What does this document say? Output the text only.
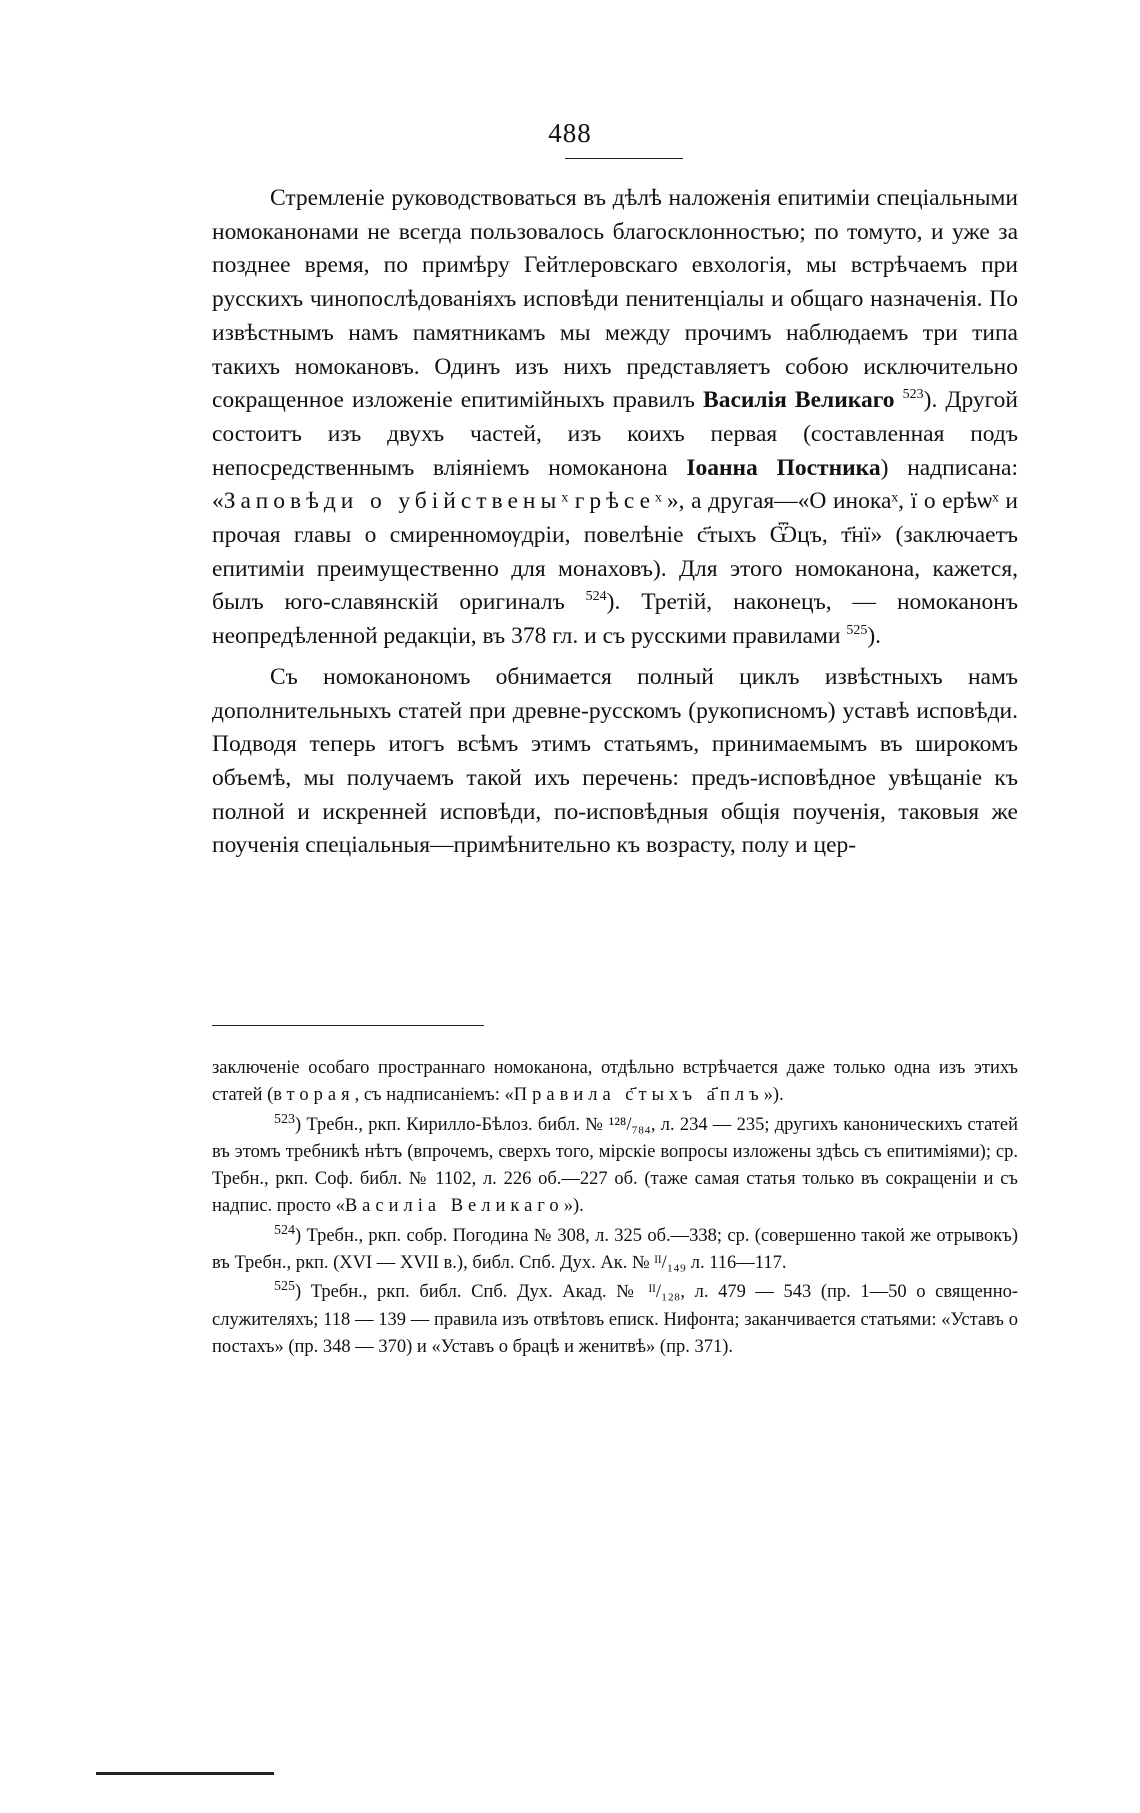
488

Стремленіе руководствоваться въ дѣлѣ наложенія епитиміи спеціальными номоканонами не всегда пользовалось благосклонностью; по томуто, и уже за позднее время, по примѣру Гейтлеровскаго евхологія, мы встрѣчаемъ при русскихъ чинопослѣдованіяхъ исповѣди пенитенціалы и общаго назначенія. По извѣстнымъ намъ памятникамъ мы между прочимъ наблюдаемъ три типа такихъ номокановъ. Одинъ изъ нихъ представляетъ собою исключительно сокращенное изложеніе епитимійныхъ правилъ Василія Великаго $^{523}$). Другой состоитъ изъ двухъ частей, изъ коихъ первая (составленная подъ непосредственнымъ вліяніемъ номоканона Іоанна Постника) надписана: «Заповѣди о убійственыˣ грѣсеˣ», а другая—«О инокаˣ, ї о ерѣѡˣ и прочая главы о смиренномѹдріи, повелѣніе с҃тыхъ Ѿцъ, т҃нї» (заключаетъ епитиміи преимущественно для монаховъ). Для этого номоканона, кажется, былъ юго-славянскій оригиналъ $^{524}$). Третій, наконецъ, — номоканонъ неопредѣленной редакціи, въ 378 гл. и съ русскими правилами $^{525}$).

Съ номоканономъ обнимается полный циклъ извѣстныхъ намъ дополнительныхъ статей при древне-русскомъ (рукописномъ) уставѣ исповѣди. Подводя теперь итогъ всѣмъ этимъ статьямъ, принимаемымъ въ широкомъ объемѣ, мы получаемъ такой ихъ перечень: предъ-исповѣдное увѣщаніе къ полной и искренней исповѣди, по-исповѣдныя общія поученія, таковыя же поученія спеціальныя—примѣнительно къ возрасту, полу и цер-

заключеніе особаго пространнаго номоканона, отдѣльно встрѣчается даже только одна изъ этихъ статей (вторая, съ надписаніемъ: «Правила с҃тыхъ а҃плъ»).

$^{523}$) Требн., ркп. Кирилло-Бѣлоз. библ. № ¹²⁸/₇₈₄, л. 234 — 235; другихъ каноническихъ статей въ этомъ требникѣ нѣтъ (впрочемъ, сверхъ того, мірскіе вопросы изложены здѣсь съ епитиміями); ср. Требн., ркп. Соф. библ. № 1102, л. 226 об.—227 об. (таже самая статья только въ сокращеніи и съ надпис. просто «Василіа Великаго»).

$^{524}$) Требн., ркп. собр. Погодина № 308, л. 325 об.—338; ср. (совершенно такой же отрывокъ) въ Требн., ркп. (XVI — XVII в.), библ. Спб. Дух. Ак. № ᴵᴵ/₁₄₉ л. 116—117.

$^{525}$) Требн., ркп. библ. Спб. Дух. Акад. № ᴵᴵ/₁₂₈, л. 479 — 543 (пр. 1—50 о священно-служителяхъ; 118 — 139 — правила изъ отвѣтовъ еписк. Нифонта; заканчивается статьями: «Уставъ о постахъ» (пр. 348 — 370) и «Уставъ о брацѣ и женитвѣ» (пр. 371).
